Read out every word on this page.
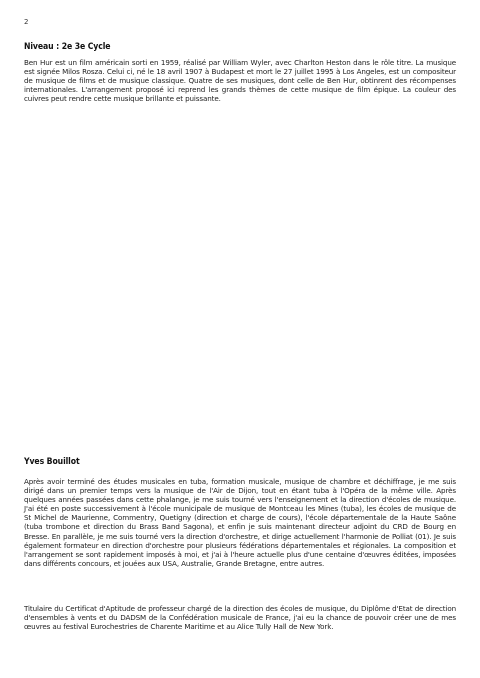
2
Niveau : 2e 3e Cycle

Ben Hur est un film américain sorti en 1959, réalisé par William Wyler, avec Charlton Heston dans le rôle titre. La musique est signée Milos Rosza. Celui ci, né le 18 avril 1907 à Budapest et mort le 27 juillet 1995 à Los Angeles, est un compositeur de musique de films et de musique classique. Quatre de ses musiques, dont celle de Ben Hur, obtinrent des récompenses internationales. L'arrangement proposé ici reprend les grands thèmes de cette musique de film épique. La couleur des cuivres peut rendre cette musique brillante et puissante.

Yves Bouillot

Après avoir terminé des études musicales en tuba, formation musicale, musique de chambre et déchiffrage, je me suis dirigé dans un premier temps vers la musique de l'Air de Dijon, tout en étant tuba à l'Opéra de la même ville. Après quelques années passées dans cette phalange, je me suis tourné vers l'enseignement et la direction d'écoles de musique. J'ai été en poste successivement à l'école municipale de musique de Montceau les Mines (tuba), les écoles de musique de St Michel de Maurienne, Commentry, Quetigny (direction et charge de cours), l'école départementale de la Haute Saône (tuba trombone et direction du Brass Band Sagona), et enfin je suis maintenant directeur adjoint du CRD de Bourg en Bresse. En parallèle, je me suis tourné vers la direction d'orchestre, et dirige actuellement l'harmonie de Polliat (01). Je suis également formateur en direction d'orchestre pour plusieurs fédérations départementales et régionales. La composition et l'arrangement se sont rapidement imposés à moi, et j'ai à l'heure actuelle plus d'une centaine d'œuvres éditées, imposées dans différents concours, et jouées aux USA, Australie, Grande Bretagne, entre autres.

Titulaire du Certificat d'Aptitude de professeur chargé de la direction des écoles de musique, du Diplôme d'Etat de direction d'ensembles à vents et du DADSM de la Confédération musicale de France, j'ai eu la chance de pouvoir créer une de mes œuvres au festival Eurochestries de Charente Maritime et au Alice Tully Hall de New York.
